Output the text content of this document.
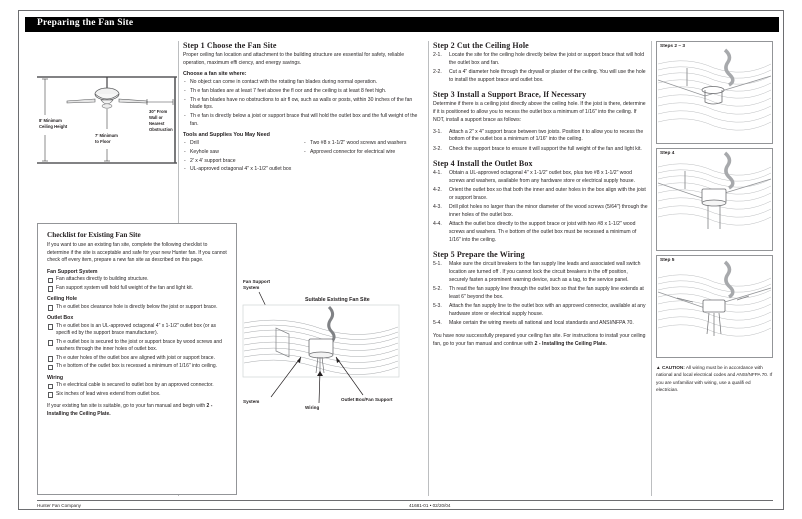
Preparing the Fan Site
8' Minimum
Ceiling Height
7' Minimum
to Floor
30" From
Wall or
Nearest
Obstruction
Checklist for Existing Fan Site

If you want to use an existing fan site, complete the following checklist to determine if the site is acceptable and safe for your new Hunter fan. If you cannot check off every item, prepare a new fan site as described on this page.

Fan Support System
Fan attaches directly to building structure.
Fan support system will hold full weight of the fan and light kit.
Ceiling Hole
Th e outlet box clearance hole is directly below the joist or support brace.
Outlet Box
Th e outlet box is an UL-approved octagonal 4" x 1-1/2" outlet box (or as specifi ed by the support brace manufacturer).
Th e outlet box is secured to the joist or support brace by wood screws and washers through the inner holes of outlet box.
Th e outer holes of the outlet box are aligned with joist or support brace.
Th e bottom of the outlet box is recessed a minimum of 1/16" into ceiling.
Wiring
Th e electrical cable is secured to outlet box by an approved connector.
Six inches of lead wires extend from outlet box.

If your existing fan site is suitable, go to your fan manual and begin with 2 - Installing the Ceiling Plate.

Step 1 Choose the Fan Site

Proper ceiling fan location and attachment to the building structure are essential for safety, reliable operation, maximum effi ciency, and energy savings.

Choose a fan site where:
- No object can come in contact with the rotating fan blades during normal operation.
- Th e fan blades are at least 7 feet above the fl oor and the ceiling is at least 8 feet high.
- Th e fan blades have no obstructions to air fl ow, such as walls or posts, within 30 inches of the fan blade tips.
- Th e fan is directly below a joist or support brace that will hold the outlet box and the full weight of the fan.
Tools and Supplies You May Need
- Drill
- Keyhole saw
- 2' x 4' support brace
- UL-approved octagonal 4" x 1-1/2" outlet box
- Two #8 x 1-1/2" wood screws and washers
- Approved connector for electrical wire
Fan Support
System
Suitable Existing Fan Site
System
Wiring
Outlet Box/Fan Support
Step 2 Cut the Ceiling Hole
2-1. Locate the site for the ceiling hole directly below the joist or support brace that will hold the outlet box and fan.
2-2. Cut a 4" diameter hole through the drywall or plaster of the ceiling. You will use the hole to install the support brace and outlet box.
Step 3 Install a Support Brace, If Necessary

Determine if there is a ceiling joist directly above the ceiling hole. If the joist is there, determine if it is positioned to allow you to recess the outlet box a minimum of 1/16" into the ceiling. If NOT, install a support brace as follows:

3-1. Attach a 2" x 4" support brace between two joists. Position it to allow you to recess the bottom of the outlet box a minimum of 1/16" into the ceiling.
3-2. Check the support brace to ensure it will support the full weight of the fan and light kit.
Step 4 Install the Outlet Box
4-1. Obtain a UL-approved octagonal 4" x 1-1/2" outlet box, plus two #8 x 1-1/2" wood screws and washers, available from any hardware store or electrical supply house.
4-2. Orient the outlet box so that both the inner and outer holes in the box align with the joist or support brace.
4-3. Drill pilot holes no larger than the minor diameter of the wood screws (5/64") through the inner holes of the outlet box.
4-4. Attach the outlet box directly to the support brace or joist with two #8 x 1-1/2" wood screws and washers. Th e bottom of the outlet box must be recessed a minimum of 1/16" into the ceiling.
Step 5 Prepare the Wiring
5-1. Make sure the circuit breakers to the fan supply line leads and associated wall switch location are turned off . If you cannot lock the circuit breakers in the off position, securely fasten a prominent warning device, such as a tag, to the service panel.
5-2. Th read the fan supply line through the outlet box so that the fan supply line extends at least 6" beyond the box.
5-3. Attach the fan supply line to the outlet box with an approved connector, available at any hardware store or electrical supply house.
5-4. Make certain the wiring meets all national and local standards and ANSI/NFPA 70.

You have now successfully prepared your ceiling fan site. For instructions to install your ceiling fan, go to your fan manual and continue with 2 - Installing the Ceiling Plate.

Steps 2 – 3
Step 4
Step 5
▲ CAUTION: All wiring must be in accordance with national and local electrical codes and ANSI/NFPA 70. If you are unfamiliar with wiring, use a qualifi ed electrician.
Hunter Fan Company	41681-01 • 02/20/04
